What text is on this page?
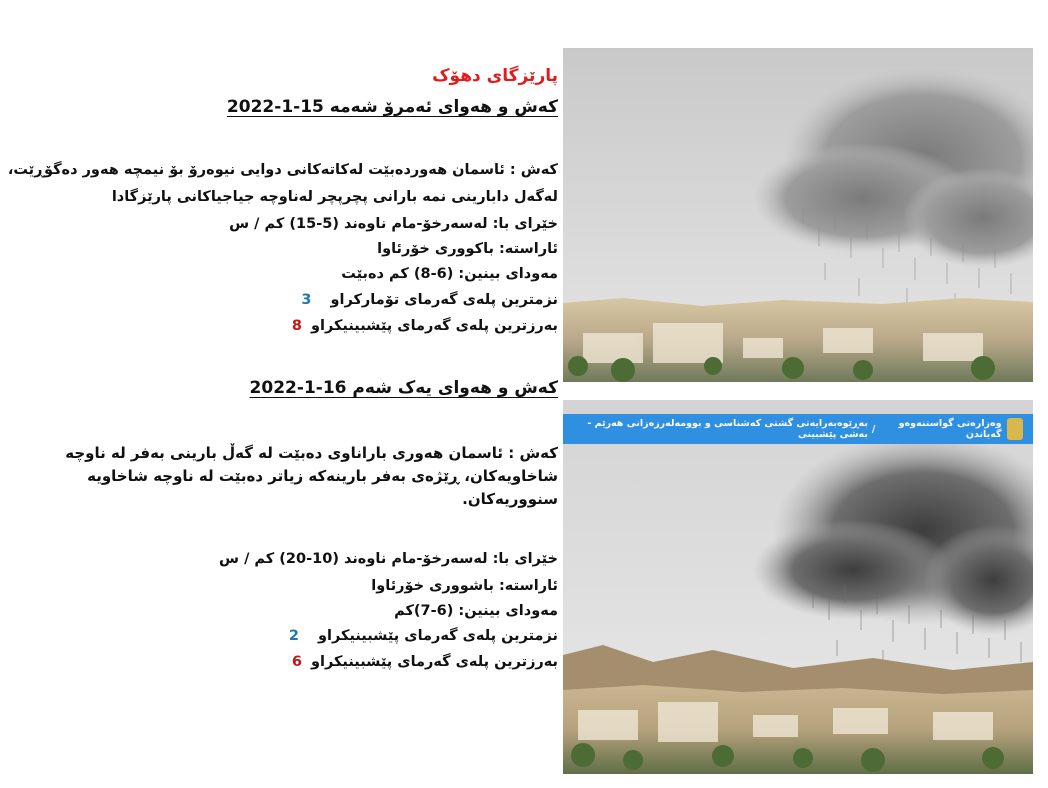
پارێزگای دهۆک
کەش و هەوای ئەمرۆ شەمە 15-1-2022
کەش : ئاسمان هەوردەبێت لەکاتەکانی دوایی نیوەرۆ بۆ نیمچە هەور دەگۆڕێت،
لەگەل دابارینی نمە بارانی پچرپچر لەناوچە جیاجیاکانی پارێزگادا
خێرای با: لەسەرخۆ-مام ناوەند (5-15) کم / س
ئاراستە: باکووری خۆرئاوا
مەودای بینین: (6-8) کم دەبێت
نزمترین پلەی گەرمای تۆمارکراو 3
بەرزترین پلەی گەرمای پێشبینیکراو 8
کەش و هەوای یەک شەم 16-1-2022
کەش : ئاسمان هەوری باراناوی دەبێت لە گەڵ بارینی بەفر لە ناوچە شاخاویەکان، ڕێژەی بەفر بارینەکە زیاتر دەبێت لە ناوچە شاخاویە سنووریەکان.
خێرای با: لەسەرخۆ-مام ناوەند (10-20) کم / س
ئاراستە: باشووری خۆرئاوا
مەودای بینین: (6-7)کم
نزمترین پلەی گەرمای پێشبینیکراو 2
بەرزترین پلەی گەرمای پێشبینیکراو 6
وەزارەتی گواستنەوەو گەیاندن
/
بەڕێوەبەرایەتی گشتی کەشناسی و بوومەلەرزەزانی هەرێم - بەشی پێشبینی
